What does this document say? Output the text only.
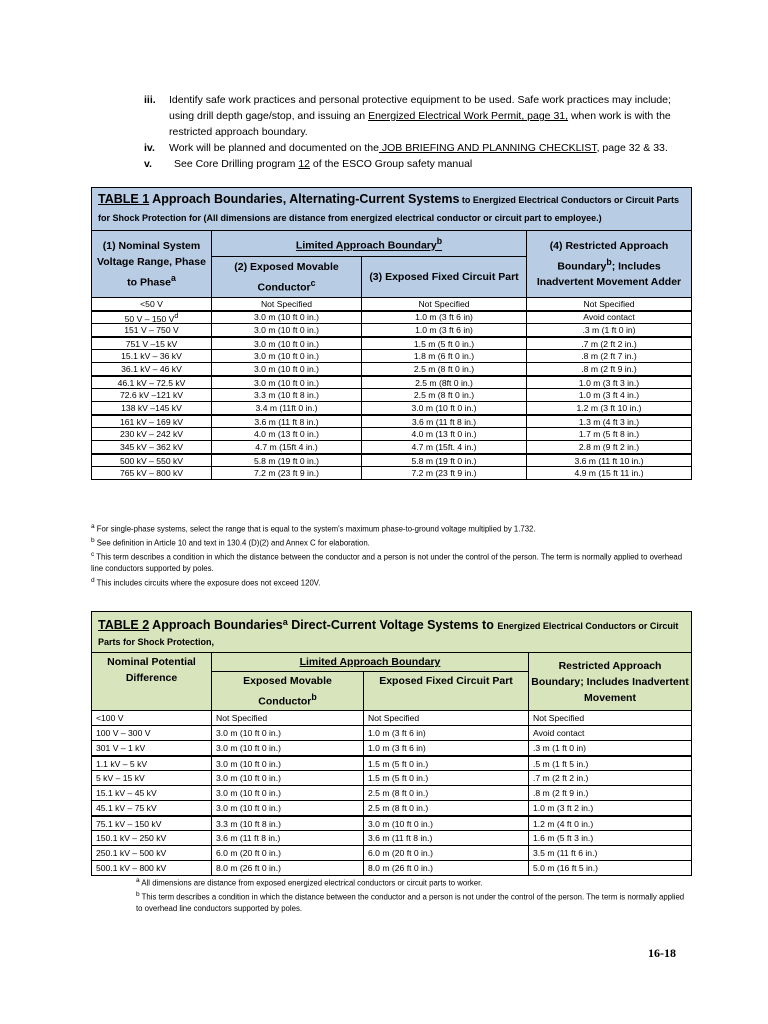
iii.	Identify safe work practices and personal protective equipment to be used. Safe work practices may include; using drill depth gage/stop, and issuing an Energized Electrical Work Permit, page 31, when work is with the restricted approach boundary.
iv.	Work will be planned and documented on the JOB BRIEFING AND PLANNING CHECKLIST, page 32 & 33.
v.	See Core Drilling program 12 of the ESCO Group safety manual
TABLE 1 Approach Boundaries, Alternating-Current Systems to Energized Electrical Conductors or Circuit Parts for Shock Protection for (All dimensions are distance from energized electrical conductor or circuit part to employee.)			
(1) Nominal System Voltage Range, Phase to Phase$^a$	Limited Approach Boundary$^b$		(4) Restricted Approach Boundary$^b$; Includes Inadvertent Movement Adder
	(2) Exposed Movable Conductor$^c$	(3) Exposed Fixed Circuit Part	
<50 V	Not Specified	Not Specified	Not Specified
50 V – 150 $V^d$	3.0 m (10 ft 0 in.)	1.0 m (3 ft 6 in)	Avoid contact
151 V – 750 V	3.0 m (10 ft 0 in.)	1.0 m (3 ft 6 in)	.3 m (1 ft 0 in)
751 V –15 kV	3.0 m (10 ft 0 in.)	1.5 m (5 ft 0 in.)	.7 m (2 ft 2 in.)
15.1 kV – 36 kV	3.0 m (10 ft 0 in.)	1.8 m (6 ft 0 in.)	.8 m (2 ft 7 in.)
36.1 kV – 46 kV	3.0 m (10 ft 0 in.)	2.5 m (8 ft 0 in.)	.8 m (2 ft 9 in.)
46.1 kV – 72.5 kV	3.0 m (10 ft 0 in.)	2.5 m (8ft 0 in.)	1.0 m (3 ft 3 in.)
72.6 kV –121 kV	3.3 m (10 ft 8 in.)	2.5 m (8 ft 0 in.)	1.0 m (3 ft 4 in.)
138 kV –145 kV	3.4 m (11ft 0 in.)	3.0 m (10 ft 0 in.)	1.2 m (3 ft 10 in.)
161 kV – 169 kV	3.6 m (11 ft 8 in.)	3.6 m (11 ft 8 in.)	1.3 m (4 ft 3 in.)
230 kV – 242 kV	4.0 m (13 ft 0 in.)	4.0 m (13 ft 0 in.)	1.7 m (5 ft 8 in.)
345 kV – 362 kV	4.7 m (15ft 4 in.)	4.7 m (15ft. 4 in.)	2.8 m (9 ft 2 in.)
500 kV – 550 kV	5.8 m (19 ft 0 in.)	5.8 m (19 ft 0 in.)	3.6 m (11 ft 10 in.)
765 kV – 800 kV	7.2 m (23 ft 9 in.)	7.2 m (23 ft 9 in.)	4.9 m (15 ft 11 in.)
$^a$ For single-phase systems, select the range that is equal to the system's maximum phase-to-ground voltage multiplied by 1.732.
$^b$ See definition in Article 10 and text in 130.4 (D)(2) and Annex C for elaboration.
$^c$ This term describes a condition in which the distance between the conductor and a person is not under the control of the person. The term is normally applied to overhead line conductors supported by poles.
$^d$ This includes circuits where the exposure does not exceed 120V.
TABLE 2 Approach Boundaries$^a$ Direct-Current Voltage Systems to Energized Electrical Conductors or Circuit Parts for Shock Protection,			
Nominal Potential Difference	Limited Approach Boundary		Restricted Approach Boundary; Includes Inadvertent Movement
	Exposed Movable Conductor$^b$	Exposed Fixed Circuit Part	
<100 V	Not Specified	Not Specified	Not Specified
100 V – 300 V	3.0 m (10 ft 0 in.)	1.0 m (3 ft 6 in)	Avoid contact
301 V – 1 kV	3.0 m (10 ft 0 in.)	1.0 m (3 ft 6 in)	.3 m (1 ft 0 in)
1.1 kV – 5 kV	3.0 m (10 ft 0 in.)	1.5 m (5 ft 0 in.)	.5 m (1 ft 5 in.)
5 kV – 15 kV	3.0 m (10 ft 0 in.)	1.5 m (5 ft 0 in.)	.7 m (2 ft 2 in.)
15.1 kV – 45 kV	3.0 m (10 ft 0 in.)	2.5 m (8 ft 0 in.)	.8 m (2 ft 9 in.)
45.1 kV – 75 kV	3.0 m (10 ft 0 in.)	2.5 m (8 ft 0 in.)	1.0 m (3 ft 2 in.)
75.1 kV – 150 kV	3.3 m (10 ft 8 in.)	3.0 m (10 ft 0 in.)	1.2 m (4 ft 0 in.)
150.1 kV – 250 kV	3.6 m (11 ft 8 in.)	3.6 m (11 ft 8 in.)	1.6 m (5 ft 3 in.)
250.1 kV – 500 kV	6.0 m (20 ft 0 in.)	6.0 m (20 ft 0 in.)	3.5 m (11 ft 6 in.)
500.1 kV – 800 kV	8.0 m (26 ft 0 in.)	8.0 m (26 ft 0 in.)	5.0 m (16 ft 5 in.)
$^a$ All dimensions are distance from exposed energized electrical conductors or circuit parts to worker.
$^b$ This term describes a condition in which the distance between the conductor and a person is not under the control of the person. The term is normally applied to overhead line conductors supported by poles.
16-18
